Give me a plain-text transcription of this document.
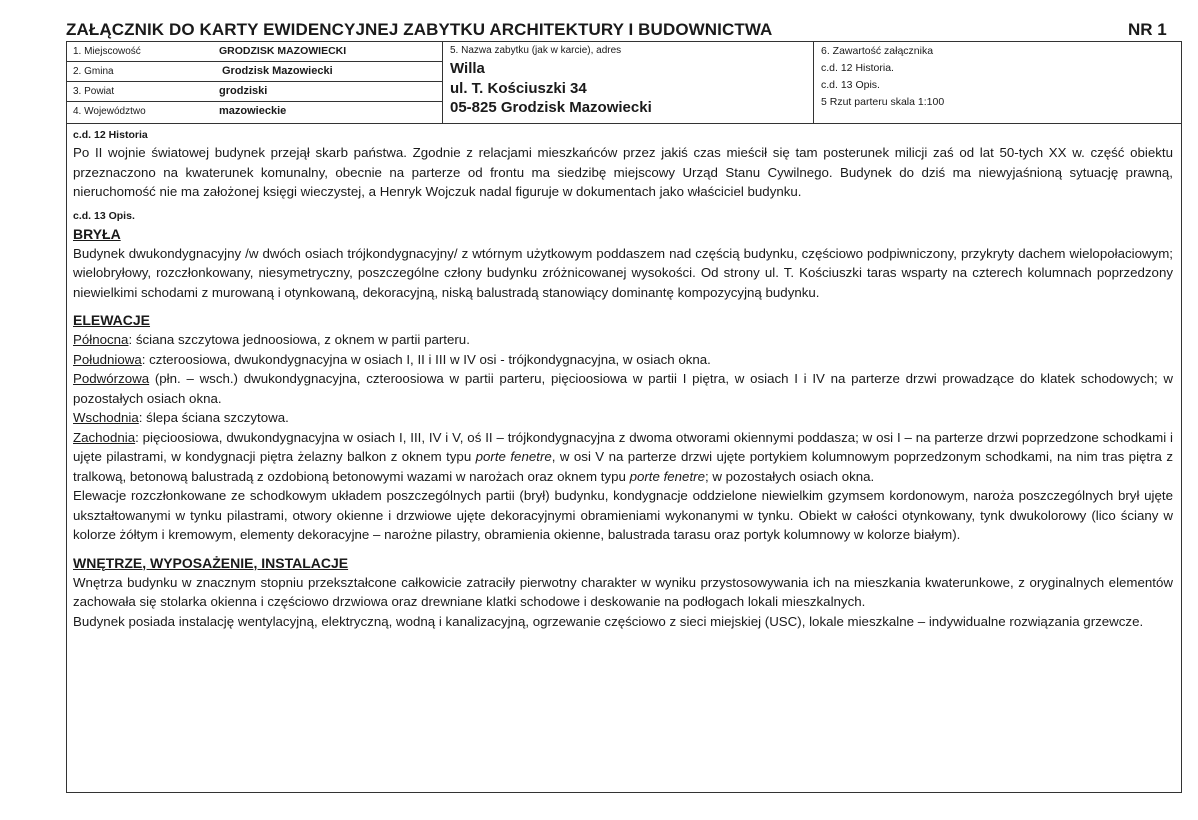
ZAŁĄCZNIK DO KARTY EWIDENCYJNEJ ZABYTKU ARCHITEKTURY I BUDOWNICTWA	NR 1
1. Miejscowość	GRODZISK MAZOWIECKI
2. Gmina	Grodzisk Mazowiecki
3. Powiat	grodziski
4. Województwo	mazowieckie
5. Nazwa zabytku (jak w karcie), adres
Willa
ul. T. Kościuszki 34
05-825 Grodzisk Mazowiecki
6. Zawartość załącznika
c.d. 12 Historia.
c.d. 13 Opis.
5 Rzut parteru skala 1:100
c.d. 12 Historia

Po II wojnie światowej budynek przejął skarb państwa. Zgodnie z relacjami mieszkańców przez jakiś czas mieścił się tam posterunek milicji zaś od lat 50-tych XX w. część obiektu przeznaczono na kwaterunek komunalny, obecnie na parterze od frontu ma siedzibę miejscowy Urząd Stanu Cywilnego. Budynek do dziś ma niewyjaśnioną sytuację prawną, nieruchomość nie ma założonej księgi wieczystej, a Henryk Wojczuk nadal figuruje w dokumentach jako właściciel budynku.

c.d. 13 Opis.
BRYŁA

Budynek dwukondygnacyjny /w dwóch osiach trójkondygnacyjny/ z wtórnym użytkowym poddaszem nad częścią budynku, częściowo podpiwniczony, przykryty dachem wielopołaciowym; wielobryłowy, rozczłonkowany, niesymetryczny, poszczególne człony budynku zróżnicowanej wysokości. Od strony ul. T. Kościuszki taras wsparty na czterech kolumnach poprzedzony niewielkimi schodami z murowaną i otynkowaną, dekoracyjną, niską balustradą stanowiący dominantę kompozycyjną budynku.

ELEWACJE

Północna: ściana szczytowa jednoosiowa, z oknem w partii parteru.

Południowa: czteroosiowa, dwukondygnacyjna w osiach I, II i III w IV osi - trójkondygnacyjna, w osiach okna.

Podwórzowa (płn. – wsch.) dwukondygnacyjna, czteroosiowa w partii parteru, pięcioosiowa w partii I piętra, w osiach I i IV na parterze drzwi prowadzące do klatek schodowych; w pozostałych osiach okna.

Wschodnia: ślepa ściana szczytowa.

Zachodnia: pięcioosiowa, dwukondygnacyjna w osiach I, III, IV i V, oś II – trójkondygnacyjna z dwoma otworami okiennymi poddasza; w osi I – na parterze drzwi poprzedzone schodkami i ujęte pilastrami, w kondygnacji piętra żelazny balkon z oknem typu porte fenetre, w osi V na parterze drzwi ujęte portykiem kolumnowym poprzedzonym schodkami, na nim tras piętra z tralkową, betonową balustradą z ozdobioną betonowymi wazami w narożach oraz oknem typu porte fenetre; w pozostałych osiach okna.

Elewacje rozczłonkowane ze schodkowym układem poszczególnych partii (brył) budynku, kondygnacje oddzielone niewielkim gzymsem kordonowym, naroża poszczególnych brył ujęte ukształtowanymi w tynku pilastrami, otwory okienne i drzwiowe ujęte dekoracyjnymi obramieniami wykonanymi w tynku. Obiekt w całości otynkowany, tynk dwukolorowy (lico ściany w kolorze żółtym i kremowym, elementy dekoracyjne – narożne pilastry, obramienia okienne, balustrada tarasu oraz portyk kolumnowy w kolorze białym).

WNĘTRZE, WYPOSAŻENIE, INSTALACJE

Wnętrza budynku w znacznym stopniu przekształcone całkowicie zatraciły pierwotny charakter w wyniku przystosowywania ich na mieszkania kwaterunkowe, z oryginalnych elementów zachowała się stolarka okienna i częściowo drzwiowa oraz drewniane klatki schodowe i deskowanie na podłogach lokali mieszkalnych.

Budynek posiada instalację wentylacyjną, elektryczną, wodną i kanalizacyjną, ogrzewanie częściowo z sieci miejskiej (USC), lokale mieszkalne – indywidualne rozwiązania grzewcze.
